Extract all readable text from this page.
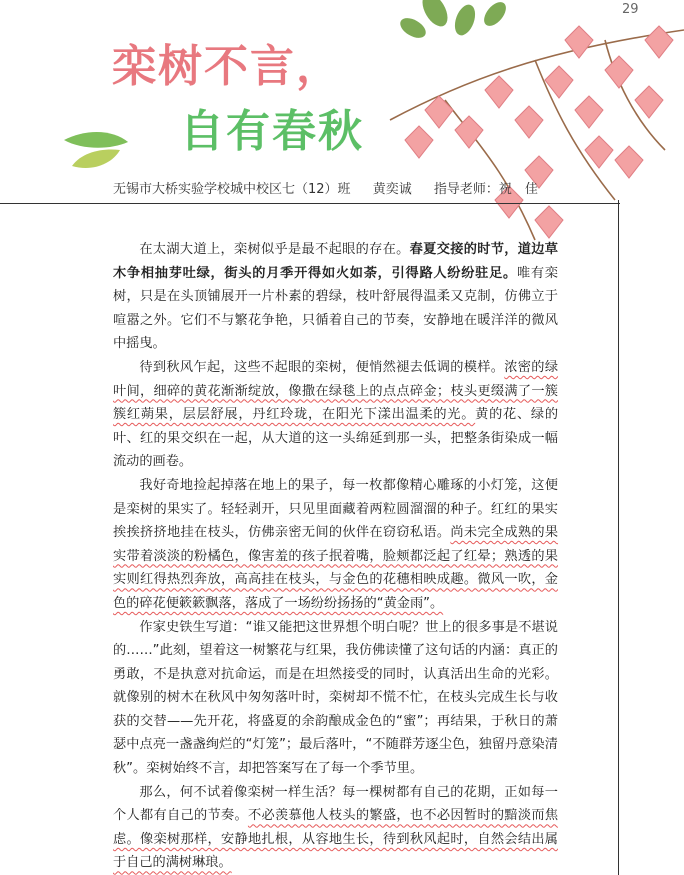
29
栾树不言，
自有春秋
无锡市大桥实验学校城中校区七（12）班 黄奕诚 指导老师：祝　佳

在太湖大道上，栾树似乎是最不起眼的存在。春夏交接的时节，道边草木争相抽芽吐绿，街头的月季开得如火如荼，引得路人纷纷驻足。唯有栾树，只是在头顶铺展开一片朴素的碧绿，枝叶舒展得温柔又克制，仿佛立于喧嚣之外。它们不与繁花争艳，只循着自己的节奏，安静地在暖洋洋的微风中摇曳。

待到秋风乍起，这些不起眼的栾树，便悄然褪去低调的模样。浓密的绿叶间，细碎的黄花渐渐绽放，像撒在绿毯上的点点碎金；枝头更缀满了一簇簇红蒴果，层层舒展，丹红玲珑，在阳光下漾出温柔的光。黄的花、绿的叶、红的果交织在一起，从大道的这一头绵延到那一头，把整条街染成一幅流动的画卷。

我好奇地捡起掉落在地上的果子，每一枚都像精心雕琢的小灯笼，这便是栾树的果实了。轻轻剥开，只见里面藏着两粒圆溜溜的种子。红红的果实挨挨挤挤地挂在枝头，仿佛亲密无间的伙伴在窃窃私语。尚未完全成熟的果实带着淡淡的粉橘色，像害羞的孩子抿着嘴，脸颊都泛起了红晕；熟透的果实则红得热烈奔放，高高挂在枝头，与金色的花穗相映成趣。微风一吹，金色的碎花便簌簌飘落，落成了一场纷纷扬扬的“黄金雨”。

作家史铁生写道：“谁又能把这世界想个明白呢？世上的很多事是不堪说的……”此刻，望着这一树繁花与红果，我仿佛读懂了这句话的内涵：真正的勇敢，不是执意对抗命运，而是在坦然接受的同时，认真活出生命的光彩。就像别的树木在秋风中匆匆落叶时，栾树却不慌不忙，在枝头完成生长与收获的交替——先开花，将盛夏的余韵酿成金色的“蜜”；再结果，于秋日的萧瑟中点亮一盏盏绚烂的“灯笼”；最后落叶，“不随群芳逐尘色，独留丹意染清秋”。栾树始终不言，却把答案写在了每一个季节里。

那么，何不试着像栾树一样生活？每一棵树都有自己的花期，正如每一个人都有自己的节奏。不必羡慕他人枝头的繁盛，也不必因暂时的黯淡而焦虑。像栾树那样，安静地扎根，从容地生长，待到秋风起时，自然会结出属于自己的满树琳琅。
